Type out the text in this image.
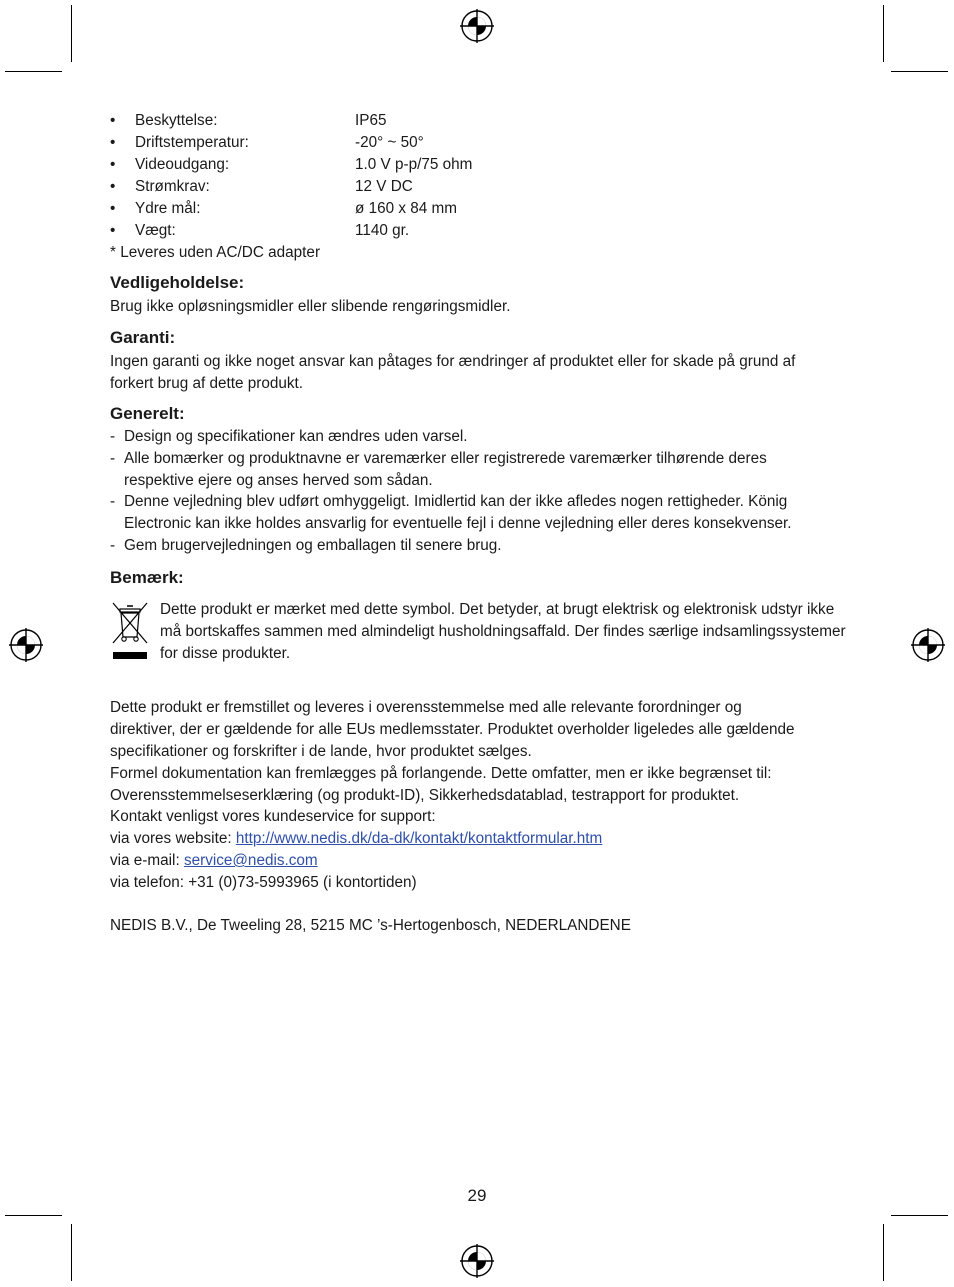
• Beskyttelse:	IP65
• Driftstemperatur:	-20° ~ 50°
• Videoudgang:	1.0 V p-p/75 ohm
• Strømkrav:	12 V DC
• Ydre mål:	ø 160 x 84 mm
• Vægt:	1140 gr.
* Leveres uden AC/DC adapter
Vedligeholdelse:
Brug ikke opløsningsmidler eller slibende rengøringsmidler.
Garanti:
Ingen garanti og ikke noget ansvar kan påtages for ændringer af produktet eller for skade på grund af
forkert brug af dette produkt.
Generelt:
- Design og specifikationer kan ændres uden varsel.
- Alle bomærker og produktnavne er varemærker eller registrerede varemærker tilhørende deres respektive ejere og anses herved som sådan.
- Denne vejledning blev udført omhyggeligt. Imidlertid kan der ikke afledes nogen rettigheder. König Electronic kan ikke holdes ansvarlig for eventuelle fejl i denne vejledning eller deres konsekvenser.
- Gem brugervejledningen og emballagen til senere brug.
Bemærk:
Dette produkt er mærket med dette symbol. Det betyder, at brugt elektrisk og elektronisk udstyr ikke må bortskaffes sammen med almindeligt husholdningsaffald. Der findes særlige indsamlingssystemer for disse produkter.
Dette produkt er fremstillet og leveres i overensstemmelse med alle relevante forordninger og
direktiver, der er gældende for alle EUs medlemsstater. Produktet overholder ligeledes alle gældende
specifikationer og forskrifter i de lande, hvor produktet sælges.
Formel dokumentation kan fremlægges på forlangende. Dette omfatter, men er ikke begrænset til:
Overensstemmelseserklæring (og produkt-ID), Sikkerhedsdatablad, testrapport for produktet.
Kontakt venligst vores kundeservice for support:
via vores website: http://www.nedis.dk/da-dk/kontakt/kontaktformular.htm
via e-mail: service@nedis.com
via telefon: +31 (0)73-5993965 (i kontortiden)
NEDIS B.V., De Tweeling 28, 5215 MC ’s-Hertogenbosch, NEDERLANDENE
29
